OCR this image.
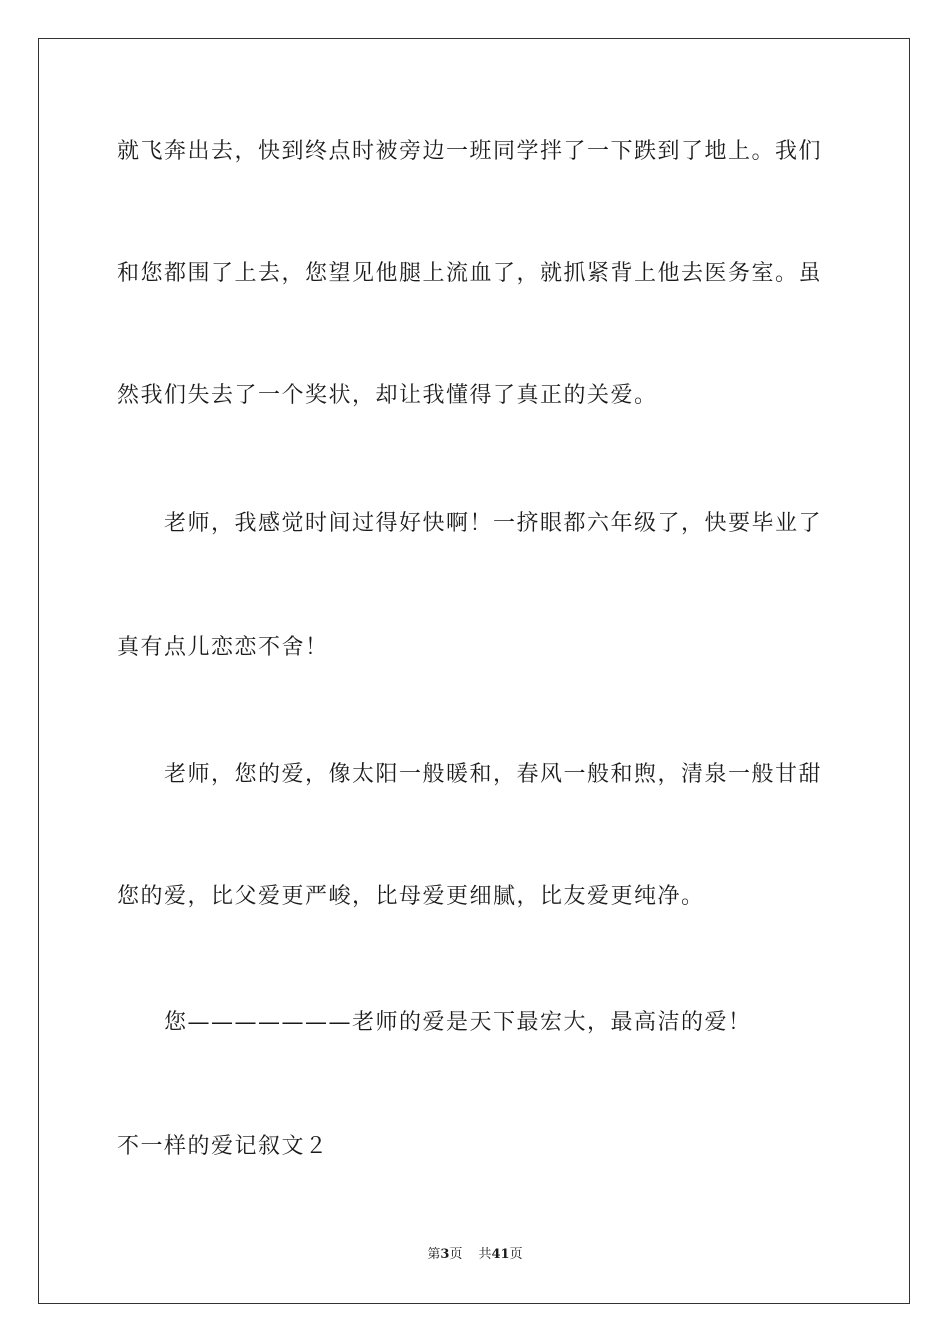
就飞奔出去，快到终点时被旁边一班同学拌了一下跌到了地上。我们
和您都围了上去，您望见他腿上流血了，就抓紧背上他去医务室。虽
然我们失去了一个奖状，却让我懂得了真正的关爱。
老师，我感觉时间过得好快啊！一挤眼都六年级了，快要毕业了
真有点儿恋恋不舍！
老师，您的爱，像太阳一般暖和，春风一般和煦，清泉一般甘甜
您的爱，比父爱更严峻，比母爱更细腻，比友爱更纯净。
您———————老师的爱是天下最宏大，最高洁的爱！
不一样的爱记叙文２
第3页 共41页
